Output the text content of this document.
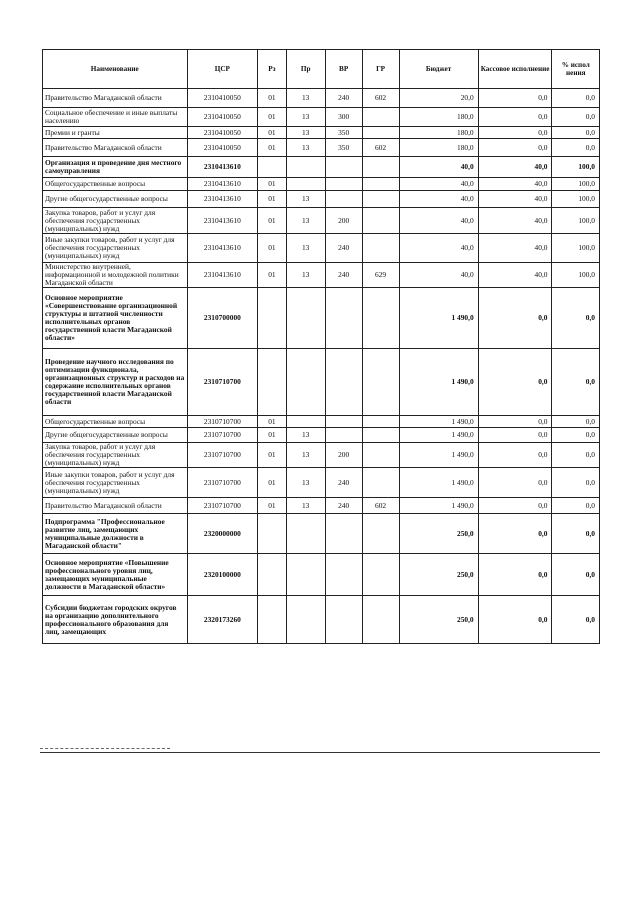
Наименование	ЦСР	Рз	Пр	ВР	ГР	Бюджет	Кассовое исполнение	% испол нения
Правительство Магаданской области	2310410050	01	13	240	602	20,0	0,0	0,0
Социальное обеспечение и иные выплаты населению	2310410050	01	13	300		180,0	0,0	0,0
Премии и гранты	2310410050	01	13	350		180,0	0,0	0,0
Правительство Магаданской области	2310410050	01	13	350	602	180,0	0,0	0,0
Организация и проведение дня местного самоуправления	2310413610					40,0	40,0	100,0
Общегосударственные вопросы	2310413610	01				40,0	40,0	100,0
Другие общегосударственные вопросы	2310413610	01	13			40,0	40,0	100,0
Закупка товаров, работ и услуг для обеспечения государственных (муниципальных) нужд	2310413610	01	13	200		40,0	40,0	100,0
Иные закупки товаров, работ и услуг для обеспечения государственных (муниципальных) нужд	2310413610	01	13	240		40,0	40,0	100,0
Министерство внутренней, информационной и молодежной политики Магаданской области	2310413610	01	13	240	629	40,0	40,0	100,0
Основное мероприятие «Совершенствование организационной структуры и штатной численности исполнительных органов государственной власти Магаданской области»	2310700000					1 490,0	0,0	0,0
Проведение научного исследования по оптимизации функционала, организационных структур и расходов на содержание исполнительных органов государственной власти Магаданской области	2310710700					1 490,0	0,0	0,0
Общегосударственные вопросы	2310710700	01				1 490,0	0,0	0,0
Другие общегосударственные вопросы	2310710700	01	13			1 490,0	0,0	0,0
Закупка товаров, работ и услуг для обеспечения государственных (муниципальных) нужд	2310710700	01	13	200		1 490,0	0,0	0,0
Иные закупки товаров, работ и услуг для обеспечения государственных (муниципальных) нужд	2310710700	01	13	240		1 490,0	0,0	0,0
Правительство Магаданской области	2310710700	01	13	240	602	1 490,0	0,0	0,0
Подпрограмма "Профессиональное развитие лиц, замещающих муниципальные должности в Магаданской области"	2320000000					250,0	0,0	0,0
Основное мероприятие «Повышение профессионального уровня лиц, замещающих муниципальные должности в Магаданской области»	2320100000					250,0	0,0	0,0
Субсидии бюджетам городских округов на организацию дополнительного профессионального образования для лиц, замещающих	2320173260					250,0	0,0	0,0
